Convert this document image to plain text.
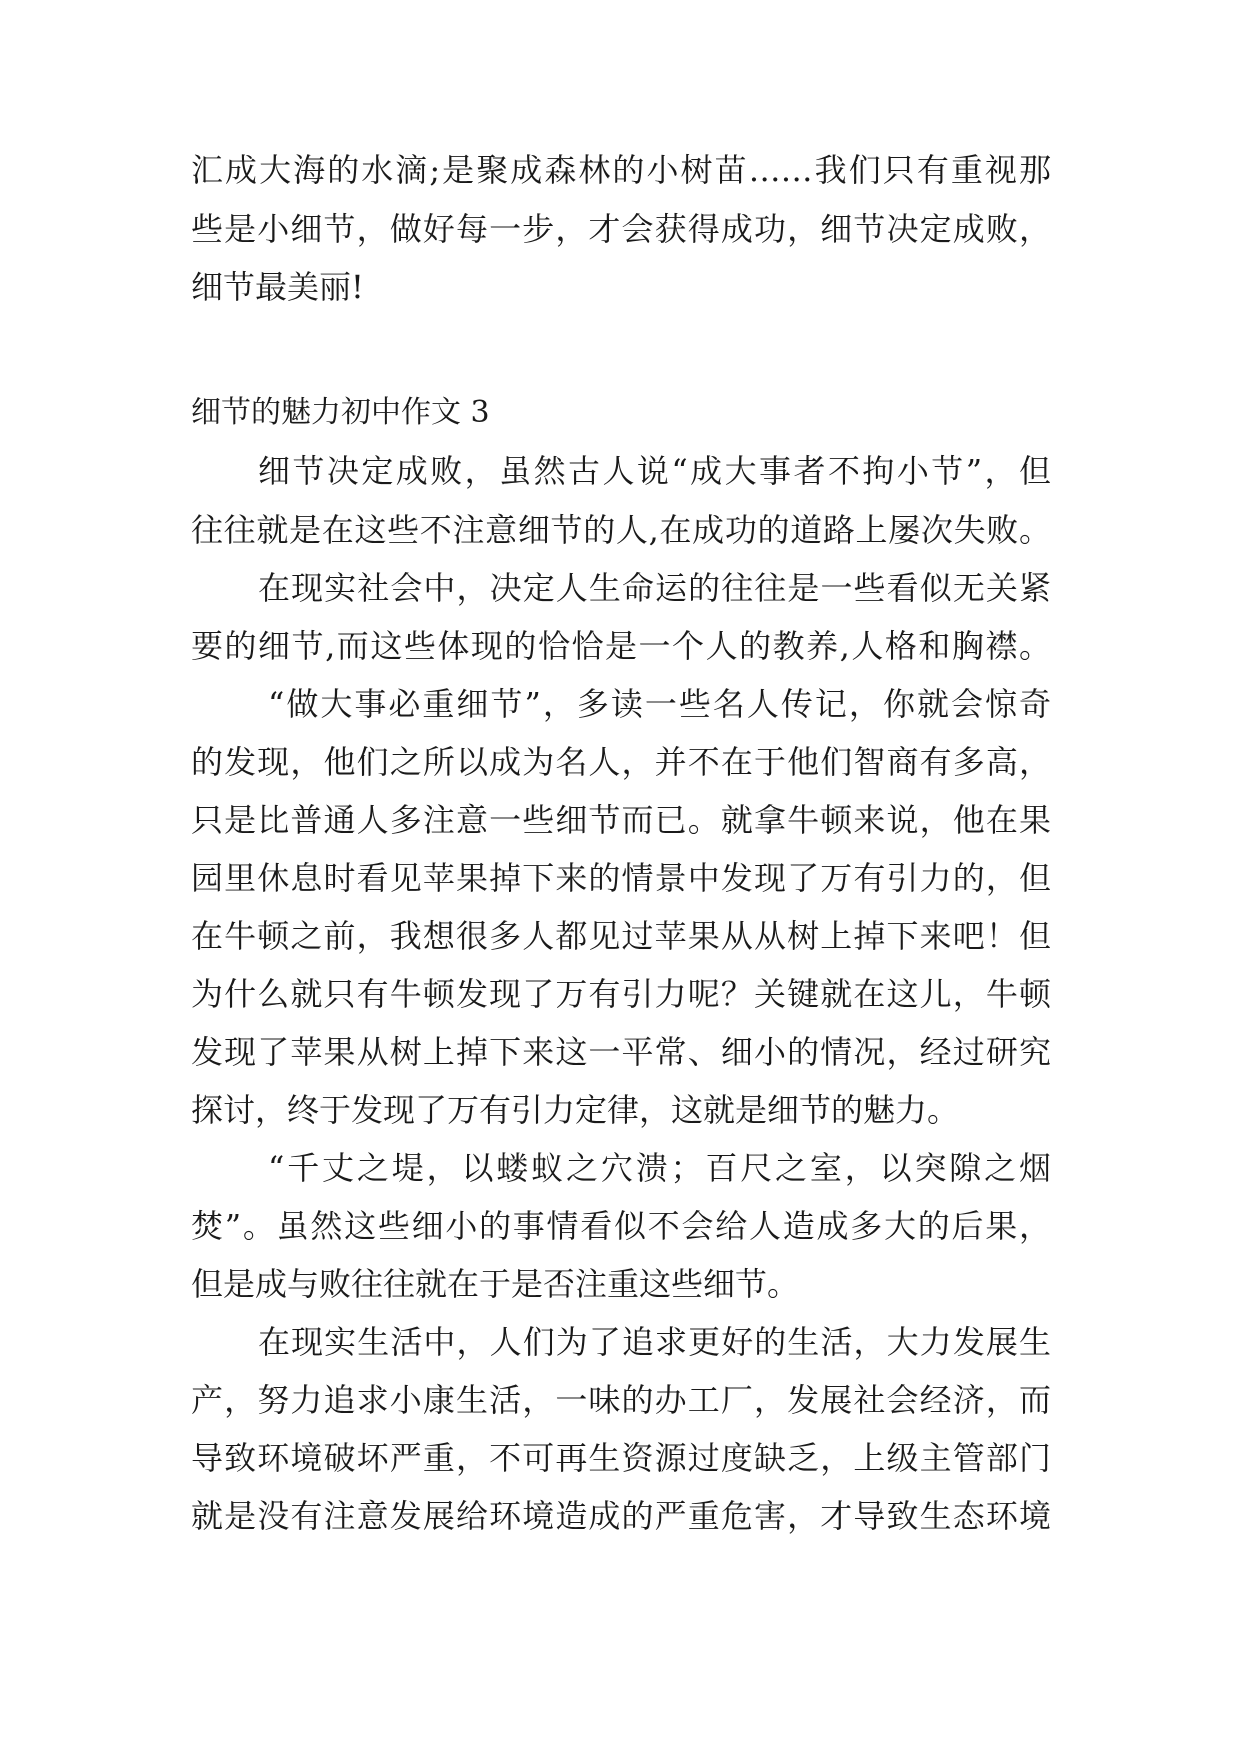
汇成大海的水滴;是聚成森林的小树苗……我们只有重视那
些是小细节，做好每一步，才会获得成功，细节决定成败，
细节最美丽!
细节的魅力初中作文 3
细节决定成败，虽然古人说“成大事者不拘小节”，但
往往就是在这些不注意细节的人,在成功的道路上屡次失败。
在现实社会中，决定人生命运的往往是一些看似无关紧
要的细节,而这些体现的恰恰是一个人的教养,人格和胸襟。
“做大事必重细节”，多读一些名人传记，你就会惊奇
的发现，他们之所以成为名人，并不在于他们智商有多高，
只是比普通人多注意一些细节而已。就拿牛顿来说，他在果
园里休息时看见苹果掉下来的情景中发现了万有引力的，但
在牛顿之前，我想很多人都见过苹果从从树上掉下来吧！但
为什么就只有牛顿发现了万有引力呢？关键就在这儿，牛顿
发现了苹果从树上掉下来这一平常、细小的情况，经过研究
探讨，终于发现了万有引力定律，这就是细节的魅力。
“千丈之堤，以蝼蚁之穴溃；百尺之室，以突隙之烟
焚”。虽然这些细小的事情看似不会给人造成多大的后果，
但是成与败往往就在于是否注重这些细节。
在现实生活中，人们为了追求更好的生活，大力发展生
产，努力追求小康生活，一味的办工厂，发展社会经济，而
导致环境破坏严重，不可再生资源过度缺乏，上级主管部门
就是没有注意发展给环境造成的严重危害，才导致生态环境
